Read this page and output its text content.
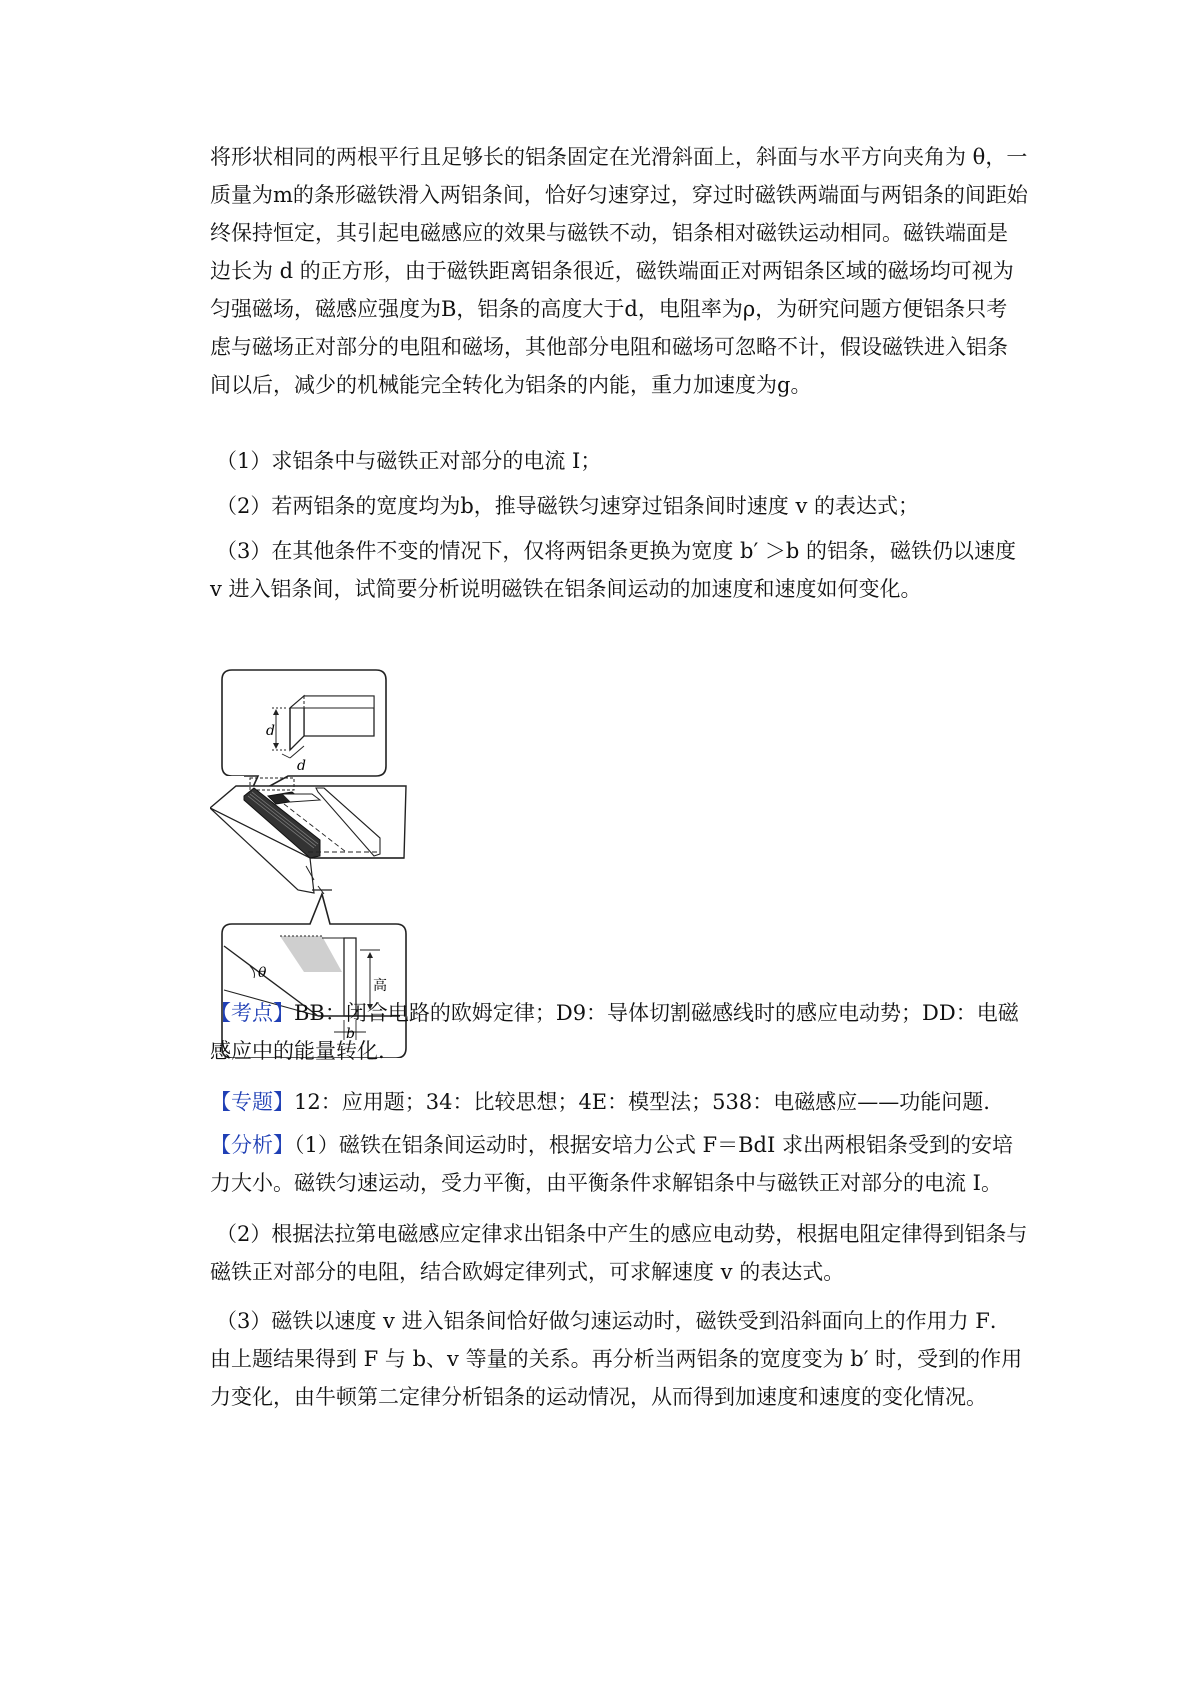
将形状相同的两根平行且足够长的铝条固定在光滑斜面上，斜面与水平方向夹角为 θ，一质量为m的条形磁铁滑入两铝条间，恰好匀速穿过，穿过时磁铁两端面与两铝条的间距始终保持恒定，其引起电磁感应的效果与磁铁不动，铝条相对磁铁运动相同。磁铁端面是边长为 d 的正方形，由于磁铁距离铝条很近，磁铁端面正对两铝条区域的磁场均可视为匀强磁场，磁感应强度为B，铝条的高度大于d，电阻率为ρ，为研究问题方便铝条只考虑与磁场正对部分的电阻和磁场，其他部分电阻和磁场可忽略不计，假设磁铁进入铝条间以后，减少的机械能完全转化为铝条的内能，重力加速度为g。

（1）求铝条中与磁铁正对部分的电流 I；

（2）若两铝条的宽度均为b，推导磁铁匀速穿过铝条间时速度 v 的表达式；

（3）在其他条件不变的情况下，仅将两铝条更换为宽度 b′ ＞b 的铝条，磁铁仍以速度 v 进入铝条间，试简要分析说明磁铁在铝条间运动的加速度和速度如何变化。

d
d
θ
高
b

【考点】BB：闭合电路的欧姆定律；D9：导体切割磁感线时的感应电动势；DD：电磁感应中的能量转化.

【专题】12：应用题；34：比较思想；4E：模型法；538：电磁感应——功能问题.

【分析】（1）磁铁在铝条间运动时，根据安培力公式 F＝BdI 求出两根铝条受到的安培力大小。磁铁匀速运动，受力平衡，由平衡条件求解铝条中与磁铁正对部分的电流 I。

（2）根据法拉第电磁感应定律求出铝条中产生的感应电动势，根据电阻定律得到铝条与磁铁正对部分的电阻，结合欧姆定律列式，可求解速度 v 的表达式。

（3）磁铁以速度 v 进入铝条间恰好做匀速运动时，磁铁受到沿斜面向上的作用力 F．由上题结果得到 F 与 b、v 等量的关系。再分析当两铝条的宽度变为 b′ 时，受到的作用力变化，由牛顿第二定律分析铝条的运动情况，从而得到加速度和速度的变化情况。
